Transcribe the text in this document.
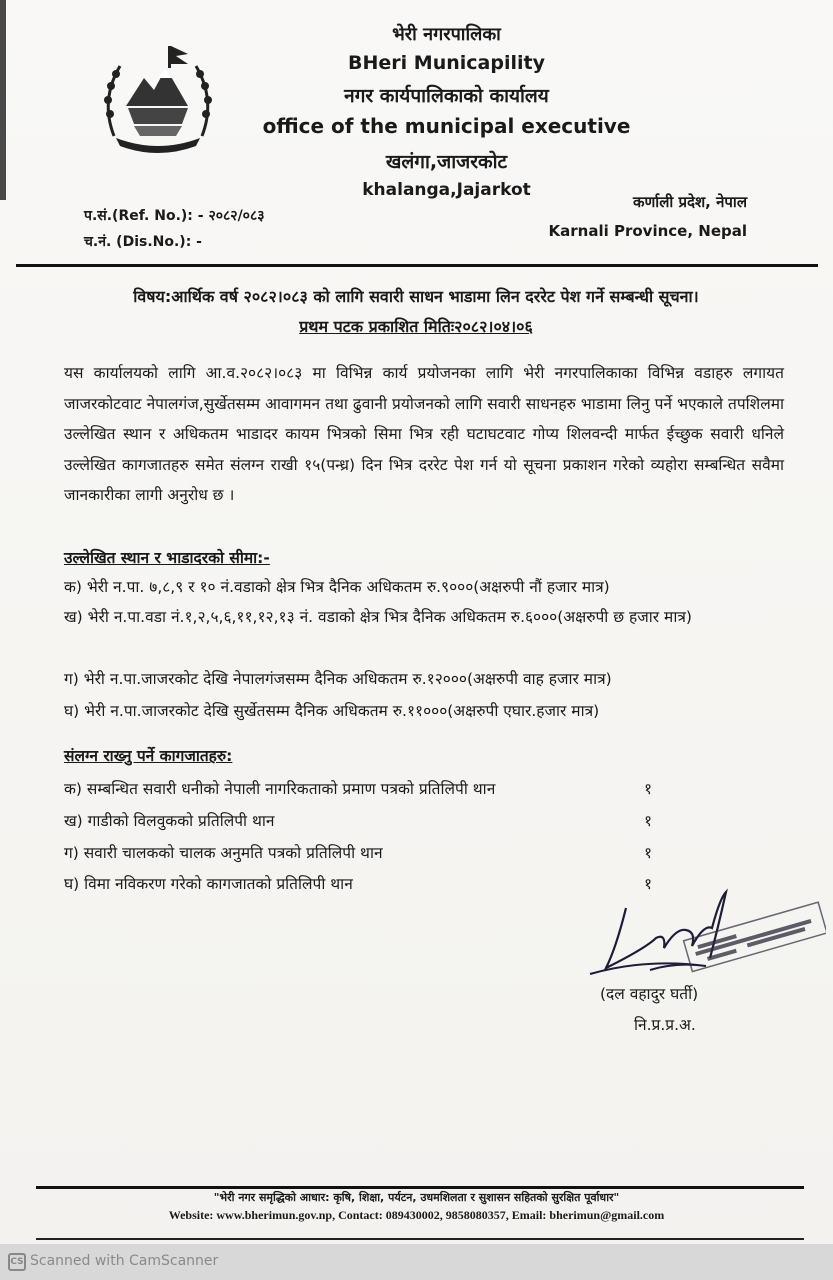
भेरी नगरपालिका
BHeri Municapility
नगर कार्यपालिकाको कार्यालय
office of the municipal executive
खलंगा,जाजरकोट
khalanga,Jajarkot
प.सं.(Ref. No.): - २०८२/०८३
च.नं. (Dis.No.): -
कर्णाली प्रदेश, नेपाल
Karnali Province, Nepal
विषय:आर्थिक वर्ष २०८२।०८३ को लागि सवारी साधन भाडामा लिन दररेट पेश गर्ने सम्बन्धी सूचना।
प्रथम पटक प्रकाशित मितिः२०८२।०४।०६
यस कार्यालयको लागि आ.व.२०८२।०८३ मा विभिन्न कार्य प्रयोजनका लागि भेरी नगरपालिकाका विभिन्न वडाहरु लगायत जाजरकोटवाट नेपालगंज,सुर्खेतसम्म आवागमन तथा ढुवानी प्रयोजनको लागि सवारी साधनहरु भाडामा लिनु पर्ने भएकाले तपशिलमा उल्लेखित स्थान र अधिकतम भाडादर कायम भित्रको सिमा भित्र रही घटाघटवाट गोप्य शिलवन्दी मार्फत ईच्छुक सवारी धनिले उल्लेखित कागजातहरु समेत संलग्न राखी १५(पन्ध्र) दिन भित्र दररेट पेश गर्न यो सूचना प्रकाशन गरेको व्यहोरा सम्बन्धित सवैमा जानकारीका लागी अनुरोध छ ।
उल्लेखित स्थान र भाडादरको सीमा:-
क) भेरी न.पा. ७,८,९ र १० नं.वडाको क्षेत्र भित्र दैनिक अधिकतम रु.९०००(अक्षरुपी नौं हजार मात्र)
ख) भेरी न.पा.वडा नं.१,२,५,६,११,१२,१३ नं. वडाको क्षेत्र भित्र दैनिक अधिकतम रु.६०००(अक्षरुपी छ हजार मात्र)
ग) भेरी न.पा.जाजरकोट देखि नेपालगंजसम्म दैनिक अधिकतम रु.१२०००(अक्षरुपी वाह हजार मात्र)
घ) भेरी न.पा.जाजरकोट देखि सुर्खेतसम्म दैनिक अधिकतम रु.११०००(अक्षरुपी एघार.हजार मात्र)
संलग्न राख्नु पर्ने कागजातहरु:
क) सम्बन्धित सवारी धनीको नेपाली नागरिकताको प्रमाण पत्रको प्रतिलिपी थान	१
ख) गाडीको विलवुकको प्रतिलिपी थान	१
ग) सवारी चालकको चालक अनुमति पत्रको प्रतिलिपी थान	१
घ) विमा नविकरण गरेको कागजातको प्रतिलिपी थान	१
(दल वहादुर घर्ती)
नि.प्र.प्र.अ.
"भेरी नगर समृद्धिको आधार: कृषि, शिक्षा, पर्यटन, उधमशिलता र सुशासन सहितको सुरक्षित पूर्वाधार"
Website: www.bherimun.gov.np, Contact: 089430002, 9858080357, Email: bherimun@gmail.com
CS Scanned with CamScanner
